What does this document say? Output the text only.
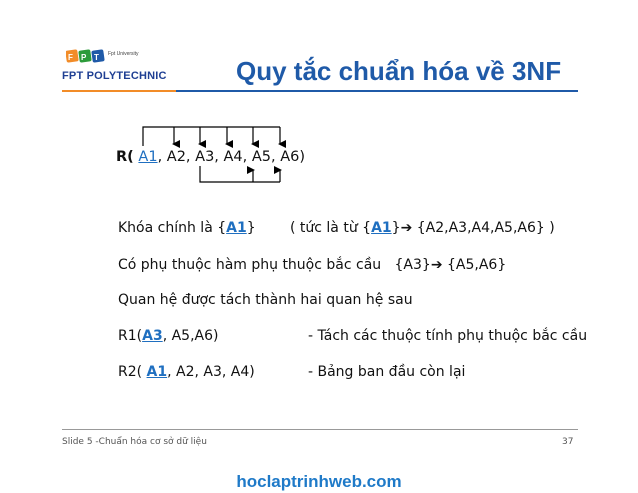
F P T Fpt University
FPT POLYTECHNIC	Quy tắc chuẩn hóa về 3NF
R( A1, A2, A3, A4, A5, A6)
Khóa chính là {A1} ( tức là từ {A1}➔ {A2,A3,A4,A5,A6} )
Có phụ thuộc hàm phụ thuộc bắc cầu {A3}➔ {A5,A6}
Quan hệ được tách thành hai quan hệ sau
R1(A3, A5,A6)	- Tách các thuộc tính phụ thuộc bắc cầu
R2( A1, A2, A3, A4)	- Bảng ban đầu còn lại
Slide 5 -Chuẩn hóa cơ sở dữ liệu	37
hoclaptrinhweb.com
